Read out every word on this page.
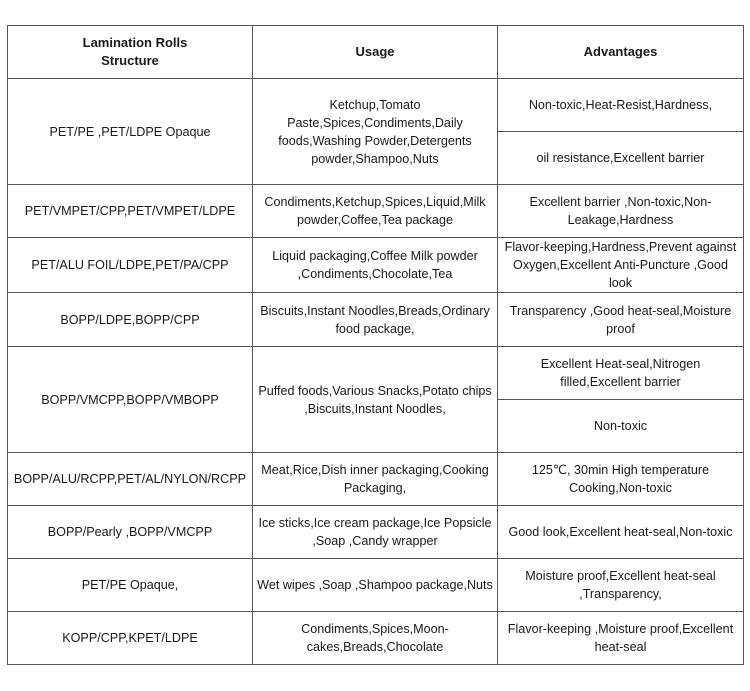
Lamination Rolls
Structure	Usage	Advantages
PET/PE ,PET/LDPE Opaque	Ketchup,Tomato Paste,Spices,Condiments,Daily foods,Washing Powder,Detergents powder,Shampoo,Nuts	Non-toxic,Heat-Resist,Hardness,
		oil resistance,Excellent barrier
PET/VMPET/CPP,PET/VMPET/LDPE	Condiments,Ketchup,Spices,Liquid,Milk powder,Coffee,Tea package	Excellent barrier ,Non-toxic,Non-Leakage,Hardness
PET/ALU FOIL/LDPE,PET/PA/CPP	Liquid packaging,Coffee Milk powder ,Condiments,Chocolate,Tea	Flavor-keeping,Hardness,Prevent against Oxygen,Excellent Anti-Puncture ,Good look
BOPP/LDPE,BOPP/CPP	Biscuits,Instant Noodles,Breads,Ordinary food package,	Transparency ,Good heat-seal,Moisture proof
BOPP/VMCPP,BOPP/VMBOPP	Puffed foods,Various Snacks,Potato chips ,Biscuits,Instant Noodles,	Excellent Heat-seal,Nitrogen filled,Excellent barrier
		Non-toxic
BOPP/ALU/RCPP,PET/AL/NYLON/RCPP	Meat,Rice,Dish inner packaging,Cooking Packaging,	125℃, 30min High temperature Cooking,Non-toxic
BOPP/Pearly ,BOPP/VMCPP	Ice sticks,Ice cream package,Ice Popsicle ,Soap ,Candy wrapper	Good look,Excellent heat-seal,Non-toxic
PET/PE Opaque,	Wet wipes ,Soap ,Shampoo package,Nuts	Moisture proof,Excellent heat-seal ,Transparency,
KOPP/CPP,KPET/LDPE	Condiments,Spices,Moon-cakes,Breads,Chocolate	Flavor-keeping ,Moisture proof,Excellent heat-seal
